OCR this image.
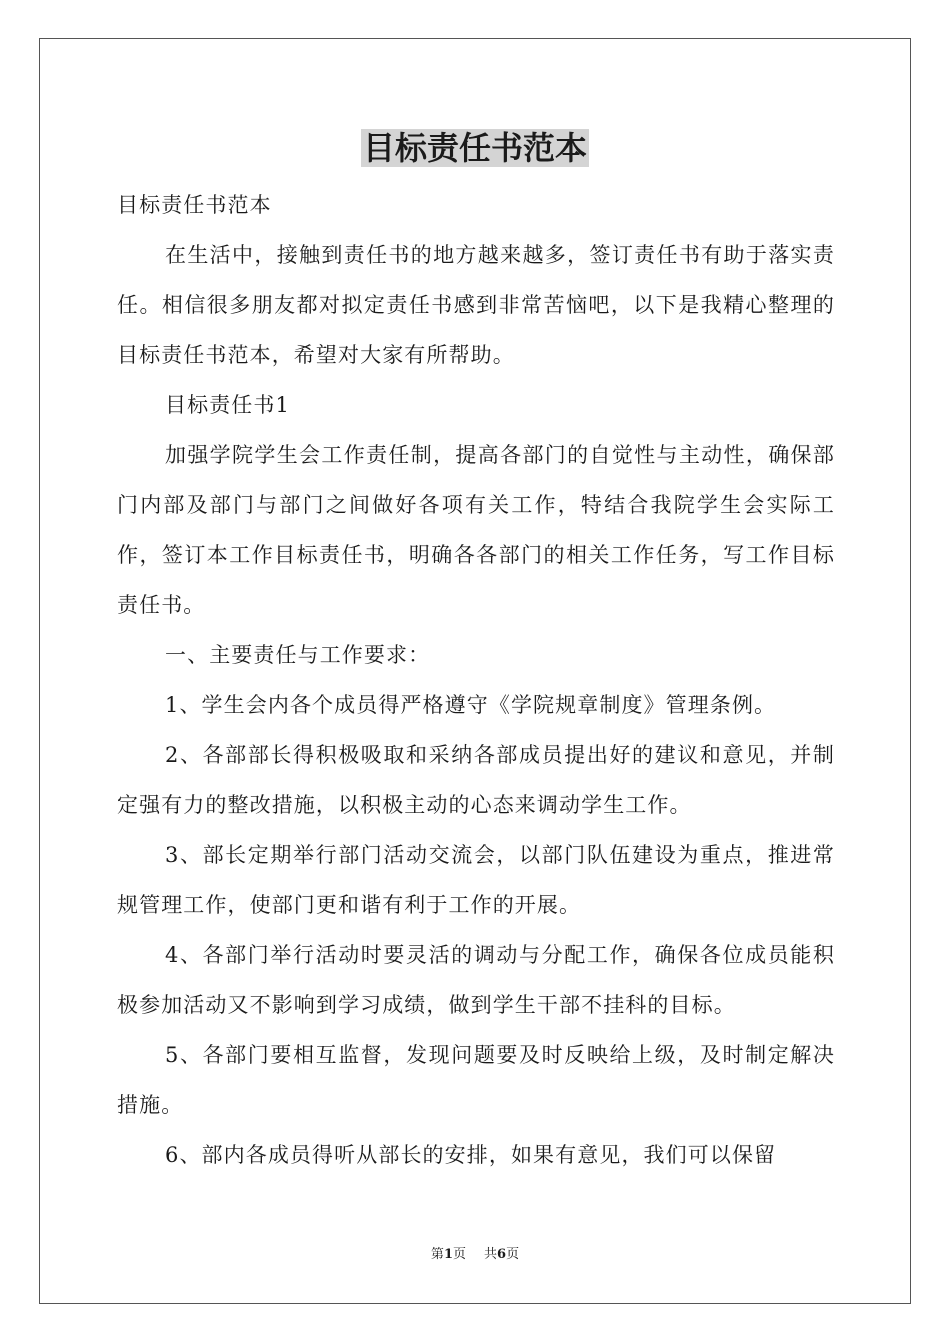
目标责任书范本

目标责任书范本

在生活中，接触到责任书的地方越来越多，签订责任书有助于落实责任。相信很多朋友都对拟定责任书感到非常苦恼吧，以下是我精心整理的目标责任书范本，希望对大家有所帮助。

目标责任书1

加强学院学生会工作责任制，提高各部门的自觉性与主动性，确保部门内部及部门与部门之间做好各项有关工作，特结合我院学生会实际工作，签订本工作目标责任书，明确各各部门的相关工作任务，写工作目标责任书。

一、主要责任与工作要求：

1、学生会内各个成员得严格遵守《学院规章制度》管理条例。

2、各部部长得积极吸取和采纳各部成员提出好的建议和意见，并制定强有力的整改措施，以积极主动的心态来调动学生工作。

3、部长定期举行部门活动交流会，以部门队伍建设为重点，推进常规管理工作，使部门更和谐有利于工作的开展。

4、各部门举行活动时要灵活的调动与分配工作，确保各位成员能积极参加活动又不影响到学习成绩，做到学生干部不挂科的目标。

5、各部门要相互监督，发现问题要及时反映给上级，及时制定解决措施。

6、部内各成员得听从部长的安排，如果有意见，我们可以保留

第1页 共6页
